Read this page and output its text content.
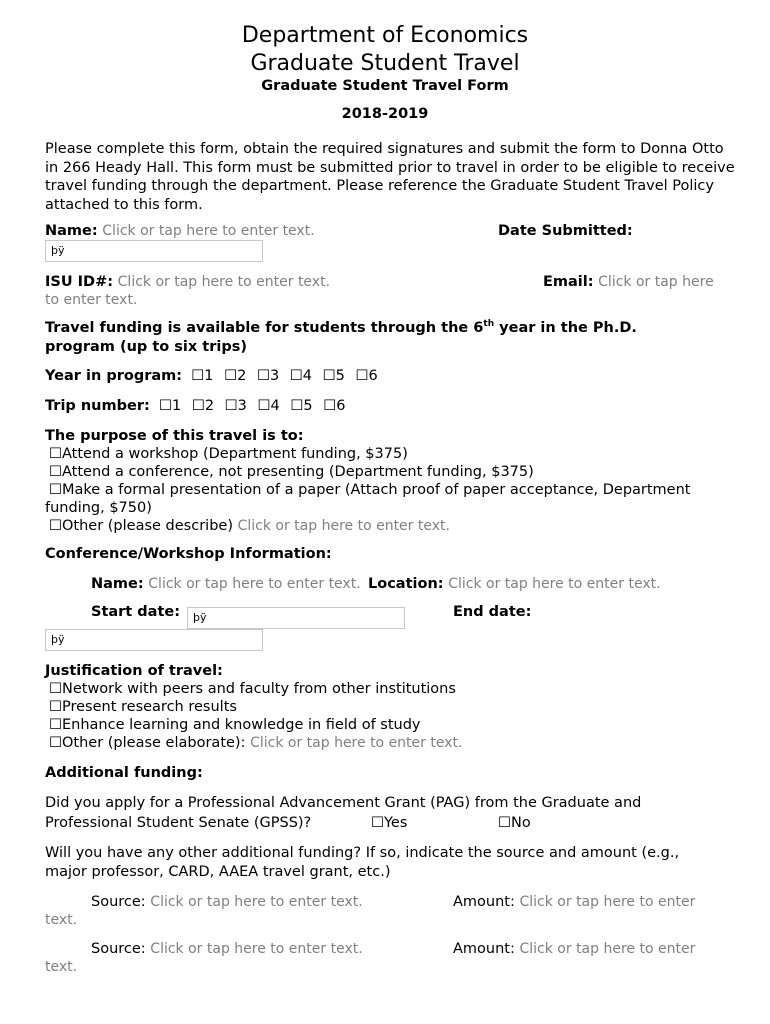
Department of Economics
Graduate Student Travel
Graduate Student Travel Form
2018-2019
Please complete this form, obtain the required signatures and submit the form to Donna Otto in 266 Heady Hall. This form must be submitted prior to travel in order to be eligible to receive travel funding through the department. Please reference the Graduate Student Travel Policy attached to this form.
Name: Click or tap here to enter text.	Date Submitted:
þÿ
ISU ID#: Click or tap here to enter text.	Email: Click or tap here
to enter text.
Travel funding is available for students through the 6th year in the Ph.D.
program (up to six trips)
Year in program: ☐1 ☐2 ☐3 ☐4 ☐5 ☐6
Trip number: ☐1 ☐2 ☐3 ☐4 ☐5 ☐6
The purpose of this travel is to:
☐Attend a workshop (Department funding, $375)
☐Attend a conference, not presenting (Department funding, $375)
☐Make a formal presentation of a paper (Attach proof of paper acceptance, Department
funding, $750)
☐Other (please describe) Click or tap here to enter text.
Conference/Workshop Information:
Name: Click or tap here to enter text. Location: Click or tap here to enter text.
Start date:	þÿ	End date:
þÿ
Justification of travel:
☐Network with peers and faculty from other institutions
☐Present research results
☐Enhance learning and knowledge in field of study
☐Other (please elaborate): Click or tap here to enter text.
Additional funding:
Did you apply for a Professional Advancement Grant (PAG) from the Graduate and
Professional Student Senate (GPSS)?	☐Yes	☐No
Will you have any other additional funding? If so, indicate the source and amount (e.g.,
major professor, CARD, AAEA travel grant, etc.)
Source: Click or tap here to enter text.	Amount: Click or tap here to enter
text.
Source: Click or tap here to enter text.	Amount: Click or tap here to enter
text.
